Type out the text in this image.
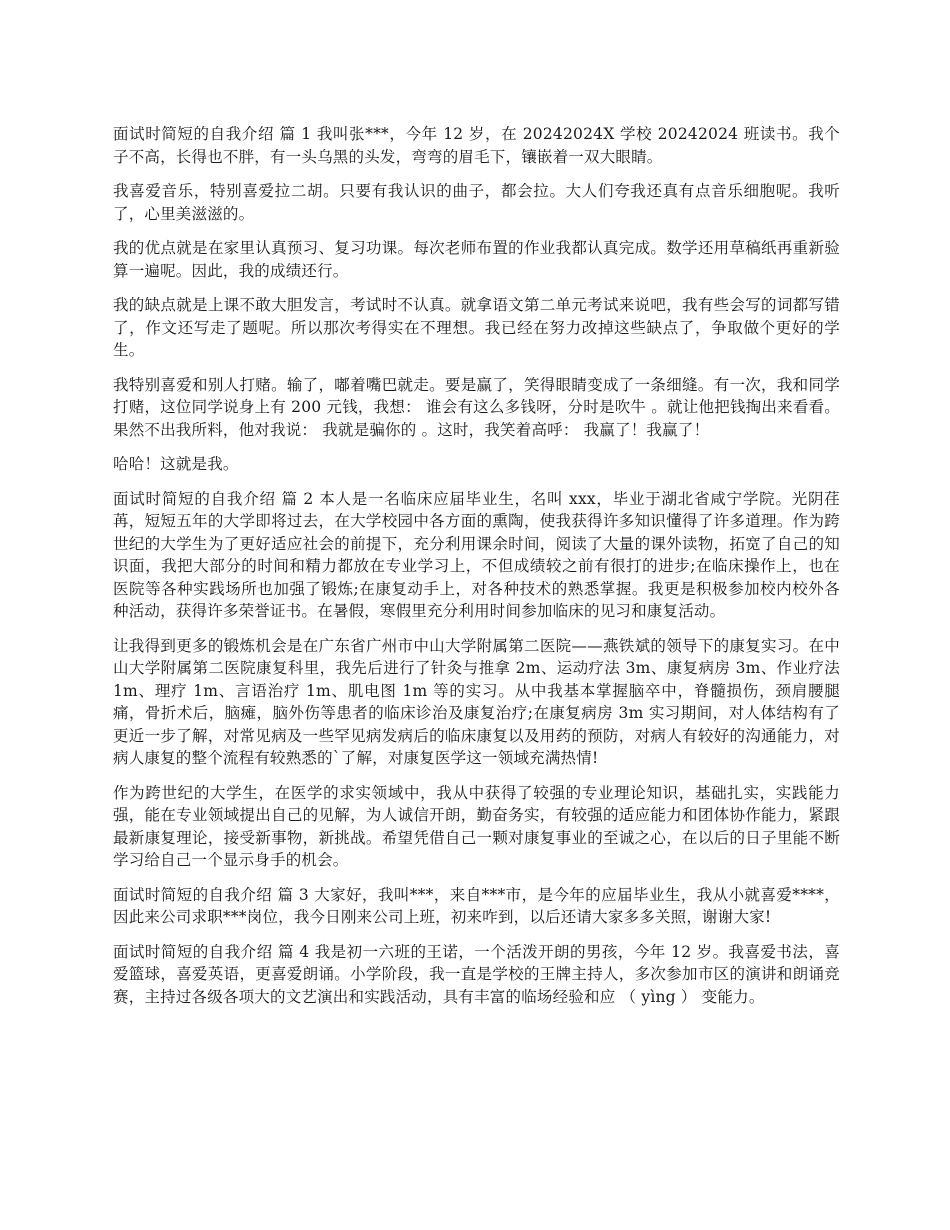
面试时简短的自我介绍 篇 1 我叫张***，今年 12 岁，在 20242024X 学校 20242024 班读书。我个子不高，长得也不胖，有一头乌黑的头发，弯弯的眉毛下，镶嵌着一双大眼睛。

我喜爱音乐，特别喜爱拉二胡。只要有我认识的曲子，都会拉。大人们夸我还真有点音乐细胞呢。我听了，心里美滋滋的。

我的优点就是在家里认真预习、复习功课。每次老师布置的作业我都认真完成。数学还用草稿纸再重新验算一遍呢。因此，我的成绩还行。

我的缺点就是上课不敢大胆发言，考试时不认真。就拿语文第二单元考试来说吧，我有些会写的词都写错了，作文还写走了题呢。所以那次考得实在不理想。我已经在努力改掉这些缺点了，争取做个更好的学生。

我特别喜爱和别人打赌。输了，嘟着嘴巴就走。要是赢了，笑得眼睛变成了一条细缝。有一次，我和同学打赌，这位同学说身上有 200 元钱，我想： 谁会有这么多钱呀，分时是吹牛 。就让他把钱掏出来看看。果然不出我所料，他对我说： 我就是骗你的 。这时，我笑着高呼： 我赢了！我赢了！

哈哈！这就是我。

面试时简短的自我介绍 篇 2 本人是一名临床应届毕业生，名叫 xxx，毕业于湖北省咸宁学院。光阴荏苒，短短五年的大学即将过去，在大学校园中各方面的熏陶，使我获得许多知识懂得了许多道理。作为跨世纪的大学生为了更好适应社会的前提下，充分利用课余时间，阅读了大量的课外读物，拓宽了自己的知识面，我把大部分的时间和精力都放在专业学习上，不但成绩较之前有很打的进步;在临床操作上，也在医院等各种实践场所也加强了锻炼;在康复动手上，对各种技术的熟悉掌握。我更是积极参加校内校外各种活动，获得许多荣誉证书。在暑假，寒假里充分利用时间参加临床的见习和康复活动。

让我得到更多的锻炼机会是在广东省广州市中山大学附属第二医院——燕铁斌的领导下的康复实习。在中山大学附属第二医院康复科里，我先后进行了针灸与推拿 2m、运动疗法 3m、康复病房 3m、作业疗法 1m、理疗 1m、言语治疗 1m、肌电图 1m 等的实习。从中我基本掌握脑卒中，脊髓损伤，颈肩腰腿痛，骨折术后，脑瘫，脑外伤等患者的临床诊治及康复治疗;在康复病房 3m 实习期间，对人体结构有了更近一步了解，对常见病及一些罕见病发病后的临床康复以及用药的预防，对病人有较好的沟通能力，对病人康复的整个流程有较熟悉的`了解，对康复医学这一领域充满热情!

作为跨世纪的大学生，在医学的求实领域中，我从中获得了较强的专业理论知识，基础扎实，实践能力强，能在专业领域提出自己的见解，为人诚信开朗，勤奋务实，有较强的适应能力和团体协作能力，紧跟最新康复理论，接受新事物，新挑战。希望凭借自己一颗对康复事业的至诚之心，在以后的日子里能不断学习给自己一个显示身手的机会。

面试时简短的自我介绍 篇 3 大家好，我叫***，来自***市，是今年的应届毕业生，我从小就喜爱****，因此来公司求职***岗位，我今日刚来公司上班，初来咋到，以后还请大家多多关照，谢谢大家!

面试时简短的自我介绍 篇 4 我是初一六班的王诺，一个活泼开朗的男孩，今年 12 岁。我喜爱书法，喜爱篮球，喜爱英语，更喜爱朗诵。小学阶段，我一直是学校的王牌主持人，多次参加市区的演讲和朗诵竞赛，主持过各级各项大的文艺演出和实践活动，具有丰富的临场经验和应 （ yìng ） 变能力。
